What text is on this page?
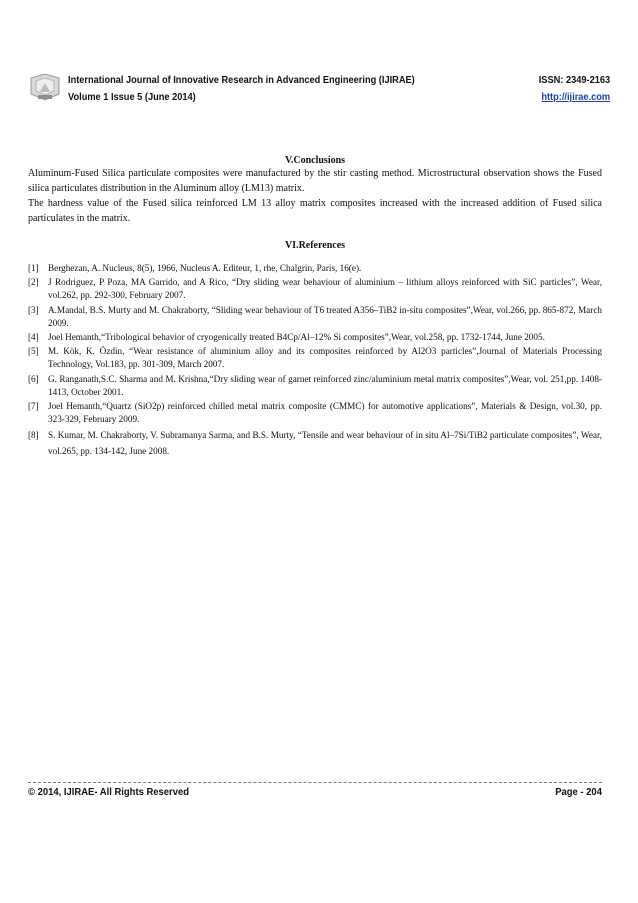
International Journal of Innovative Research in Advanced Engineering (IJIRAE)
Volume 1 Issue 5 (June 2014)
ISSN: 2349-2163
http://ijirae.com

V.Conclusions

Aluminum-Fused Silica particulate composites were manufactured by the stir casting method. Microstructural observation shows the Fused silica particulates distribution in the Aluminum alloy (LM13) matrix.

The hardness value of the Fused silica reinforced LM 13 alloy matrix composites increased with the increased addition of Fused silica particulates in the matrix.

VI.References

[1]	Berghezan, A. Nucleus, 8(5), 1966, Nucleus A. Editeur, 1, rhe, Chalgrin, Paris, 16(e).
[2]	J Rodriguez, P Poza, MA Garrido, and A Rico, “Dry sliding wear behaviour of aluminium – lithium alloys reinforced with SiC particles”, Wear, vol.262, pp. 292-300, February 2007.
[3]	A.Mandal, B.S. Murty and M. Chakraborty, “Sliding wear behaviour of T6 treated A356–TiB2 in-situ composites”,Wear, vol.266, pp. 865-872, March 2009.
[4]	Joel Hemanth,“Tribological behavior of cryogenically treated B4Cp/Al–12% Si composites”,Wear, vol.258, pp. 1732-1744, June 2005.
[5]	M. Kök, K. Özdin, “Wear resistance of aluminium alloy and its composites reinforced by Al2O3 particles”,Journal of Materials Processing Technology, Vol.183, pp. 301-309, March 2007.
[6]	G. Ranganath,S.C. Sharma and M. Krishna,“Dry sliding wear of garnet reinforced zinc/aluminium metal matrix composites”,Wear, vol. 251,pp. 1408-1413, October 2001.
[7]	Joel Hemanth,“Quartz (SiO2p) reinforced chilled metal matrix composite (CMMC) for automotive applications”, Materials & Design, vol.30, pp. 323-329, February 2009.
[8]	S. Kumar, M. Chakraborty, V. Subramanya Sarma, and B.S. Murty, “Tensile and wear behaviour of in situ Al–7Si/TiB2 particulate composites”, Wear, vol.265, pp. 134-142, June 2008.
© 2014, IJIRAE- All Rights Reserved	Page - 204
